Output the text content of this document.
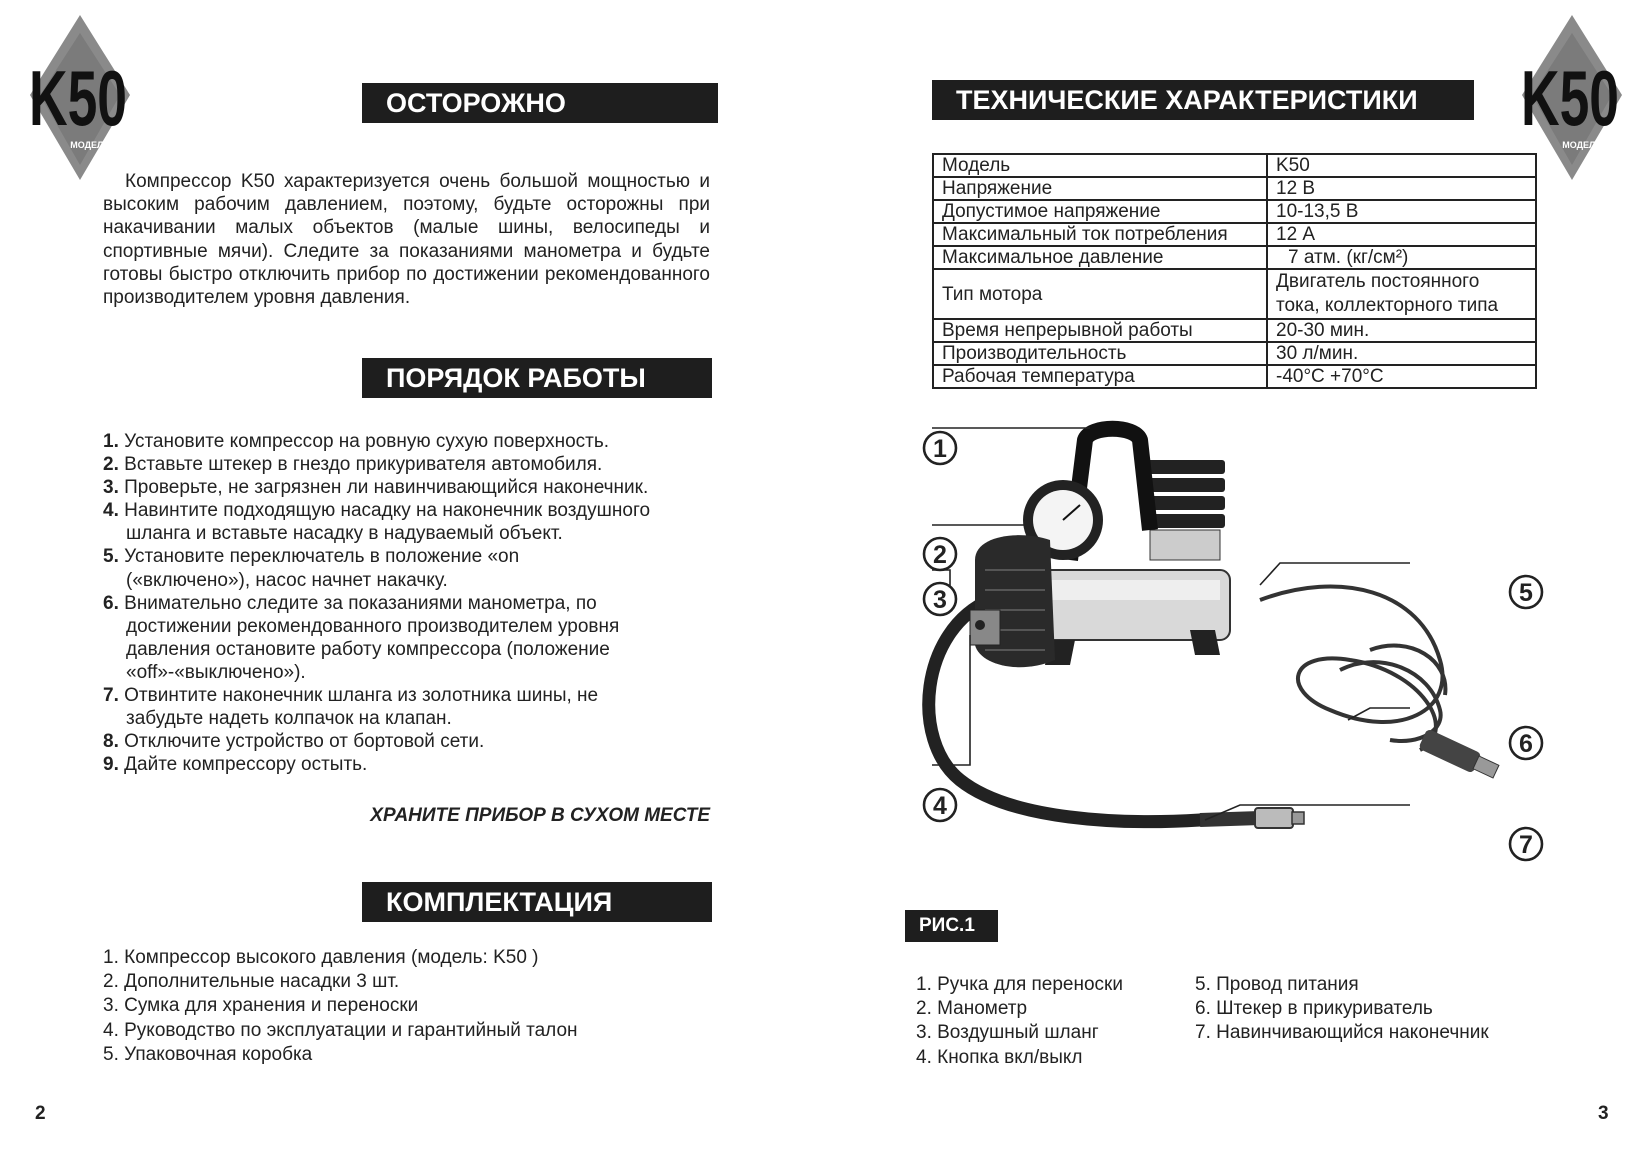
K50
МОДЕЛЬ
K50
МОДЕЛЬ
ОСТОРОЖНО
Компрессор K50 характеризуется очень большой мощностью и высоким рабочим давлением, поэтому, будьте осторожны при накачивании малых объектов (малые шины, велосипеды и спортивные мячи). Следите за показаниями манометра и будьте готовы быстро отключить прибор по достижении рекомендованного производителем уровня давления.
ПОРЯДОК РАБОТЫ

1. Установите компрессор на ровную сухую поверхность.

2. Вставьте штекер в гнездо прикуривателя автомобиля.

3. Проверьте, не загрязнен ли навинчивающийся наконечник.

4. Навинтите подходящую насадку на наконечник воздушного шланга и вставьте насадку в надуваемый объект.

5. Установите переключатель в положение «on («включено»), насос начнет накачку.

6. Внимательно следите за показаниями манометра, по достижении рекомендованного производителем уровня давления остановите работу компрессора (положение «off»-«выключено»).

7. Отвинтите наконечник шланга из золотника шины, не забудьте надеть колпачок на клапан.

8. Отключите устройство от бортовой сети.

9. Дайте компрессору остыть.

ХРАНИТЕ ПРИБОР В СУХОМ МЕСТЕ
КОМПЛЕКТАЦИЯ
1. Компрессор высокого давления (модель: K50 )
2. Дополнительные насадки 3 шт.
3. Сумка для хранения и переноски
4. Руководство по эксплуатации и гарантийный талон
5. Упаковочная коробка
2
ТЕХНИЧЕСКИЕ ХАРАКТЕРИСТИКИ
Модель	K50
Напряжение	12 В
Допустимое напряжение	10-13,5 В
Максимальный ток потребления	12 А
Максимальное давление	7 атм. (кг/см²)
Тип мотора	Двигатель постоянного тока, коллекторного типа
Время непрерывной работы	20-30 мин.
Производительность	30 л/мин.
Рабочая температура	-40°С +70°С
1
2
3
4
5
6
7
РИС.1
1. Ручка для переноски
2. Манометр
3. Воздушный шланг
4. Кнопка вкл/выкл
5. Провод питания
6. Штекер в прикуриватель
7. Навинчивающийся наконечник
3
